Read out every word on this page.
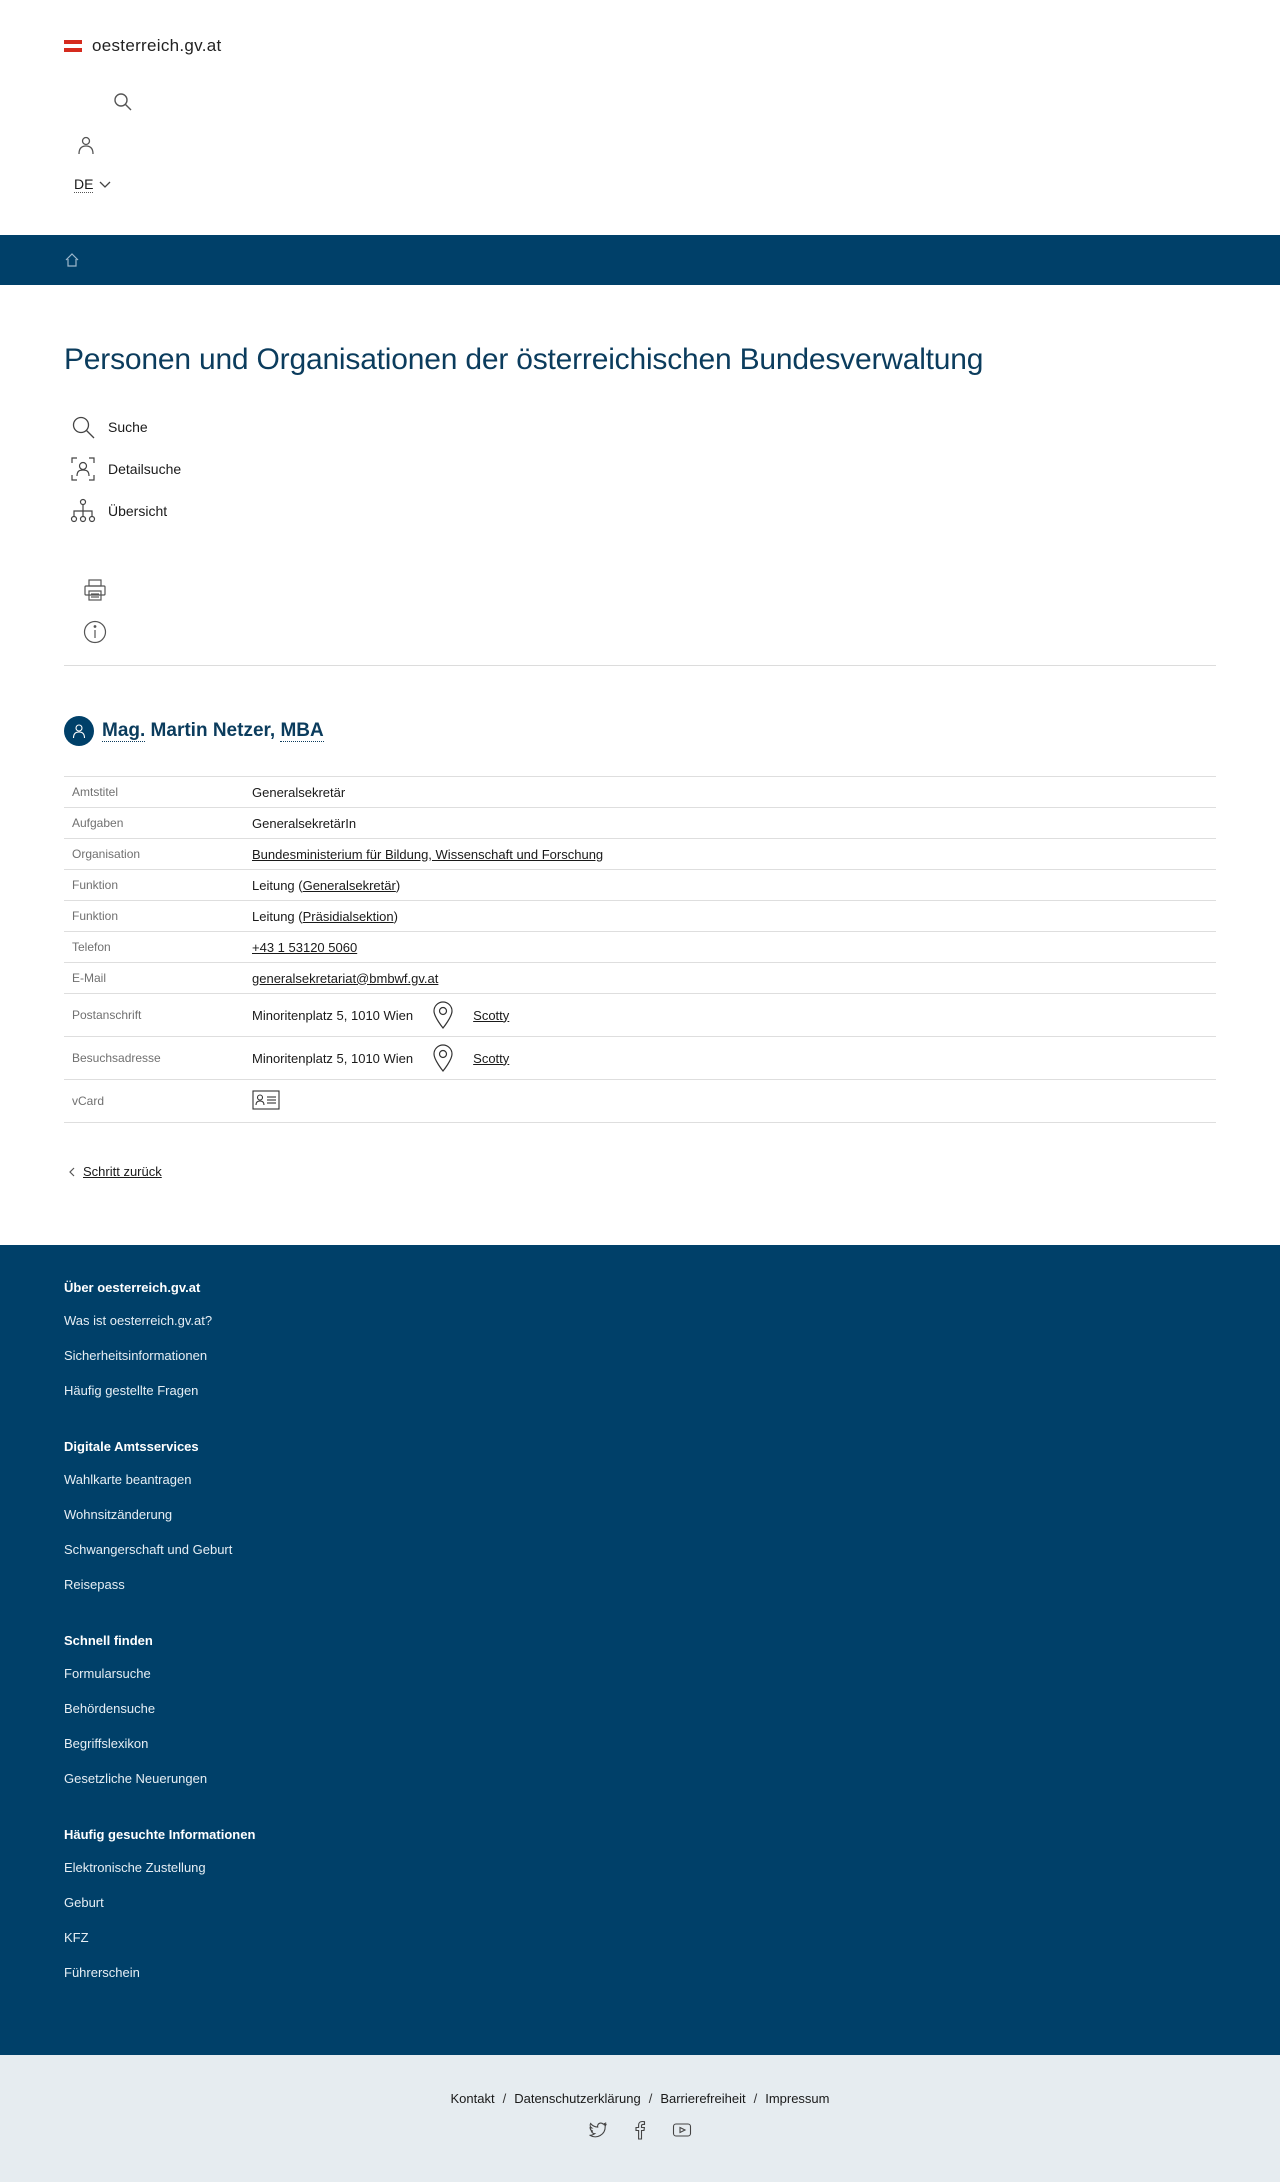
oesterreich.gv.at
DE
Personen und Organisationen der österreichischen Bundesverwaltung
Suche
Detailsuche
Übersicht
Mag. Martin Netzer, MBA
Amtstitel	Generalsekretär
Aufgaben	GeneralsekretärIn
Organisation	Bundesministerium für Bildung, Wissenschaft und Forschung
Funktion	Leitung (Generalsekretär)
Funktion	Leitung (Präsidialsektion)
Telefon	+43 1 53120 5060
E-Mail	generalsekretariat@bmbwf.gv.at
Postanschrift	Minoritenplatz 5, 1010 Wien Scotty

Besuchsadresse	Minoritenplatz 5, 1010 Wien Scotty

vCard	
Schritt zurück
Über oesterreich.gv.at
Was ist oesterreich.gv.at?
Sicherheitsinformationen
Häufig gestellte Fragen
Digitale Amtsservices
Wahlkarte beantragen
Wohnsitzänderung
Schwangerschaft und Geburt
Reisepass
Schnell finden
Formularsuche
Behördensuche
Begriffslexikon
Gesetzliche Neuerungen
Häufig gesuchte Informationen
Elektronische Zustellung
Geburt
KFZ
Führerschein
Kontakt / Datenschutzerklärung / Barrierefreiheit / Impressum
